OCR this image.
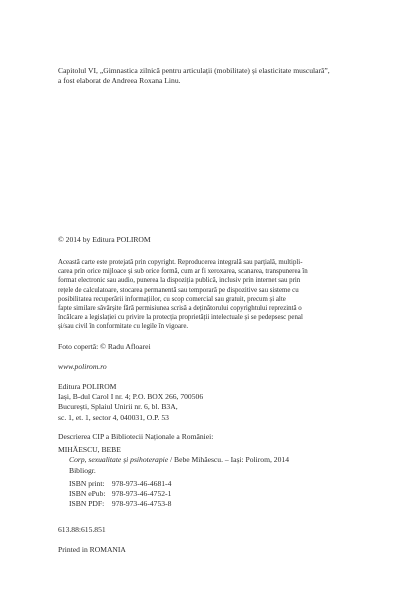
Capitolul VI, „Gimnastica zilnică pentru articulații (mobilitate) și elasticitate musculară”,
a fost elaborat de Andreea Roxana Linu.
© 2014 by Editura POLIROM
Această carte este protejată prin copyright. Reproducerea integrală sau parțială, multipli-
carea prin orice mijloace și sub orice formă, cum ar fi xeroxarea, scanarea, transpunerea în
format electronic sau audio, punerea la dispoziția publică, inclusiv prin internet sau prin
rețele de calculatoare, stocarea permanentă sau temporară pe dispozitive sau sisteme cu
posibilitatea recuperării informațiilor, cu scop comercial sau gratuit, precum și alte
fapte similare săvârșite fără permisiunea scrisă a deținătorului copyrightului reprezintă o
încălcare a legislației cu privire la protecția proprietății intelectuale și se pedepsesc penal
și/sau civil în conformitate cu legile în vigoare.
Foto copertă: © Radu Afloarei
www.polirom.ro
Editura POLIROM
Iași, B-dul Carol I nr. 4; P.O. BOX 266, 700506
București, Splaiul Unirii nr. 6, bl. B3A,
sc. 1, et. 1, sector 4, 040031, O.P. 53
Descrierea CIP a Bibliotecii Naționale a României:
MIHĂESCU, BEBE
Corp, sexualitate și psihoterapie / Bebe Mihăescu. – Iași: Polirom, 2014
Bibliogr.
ISBN print: 978-973-46-4681-4
ISBN ePub: 978-973-46-4752-1
ISBN PDF: 978-973-46-4753-8
613.88:615.851
Printed in ROMANIA
